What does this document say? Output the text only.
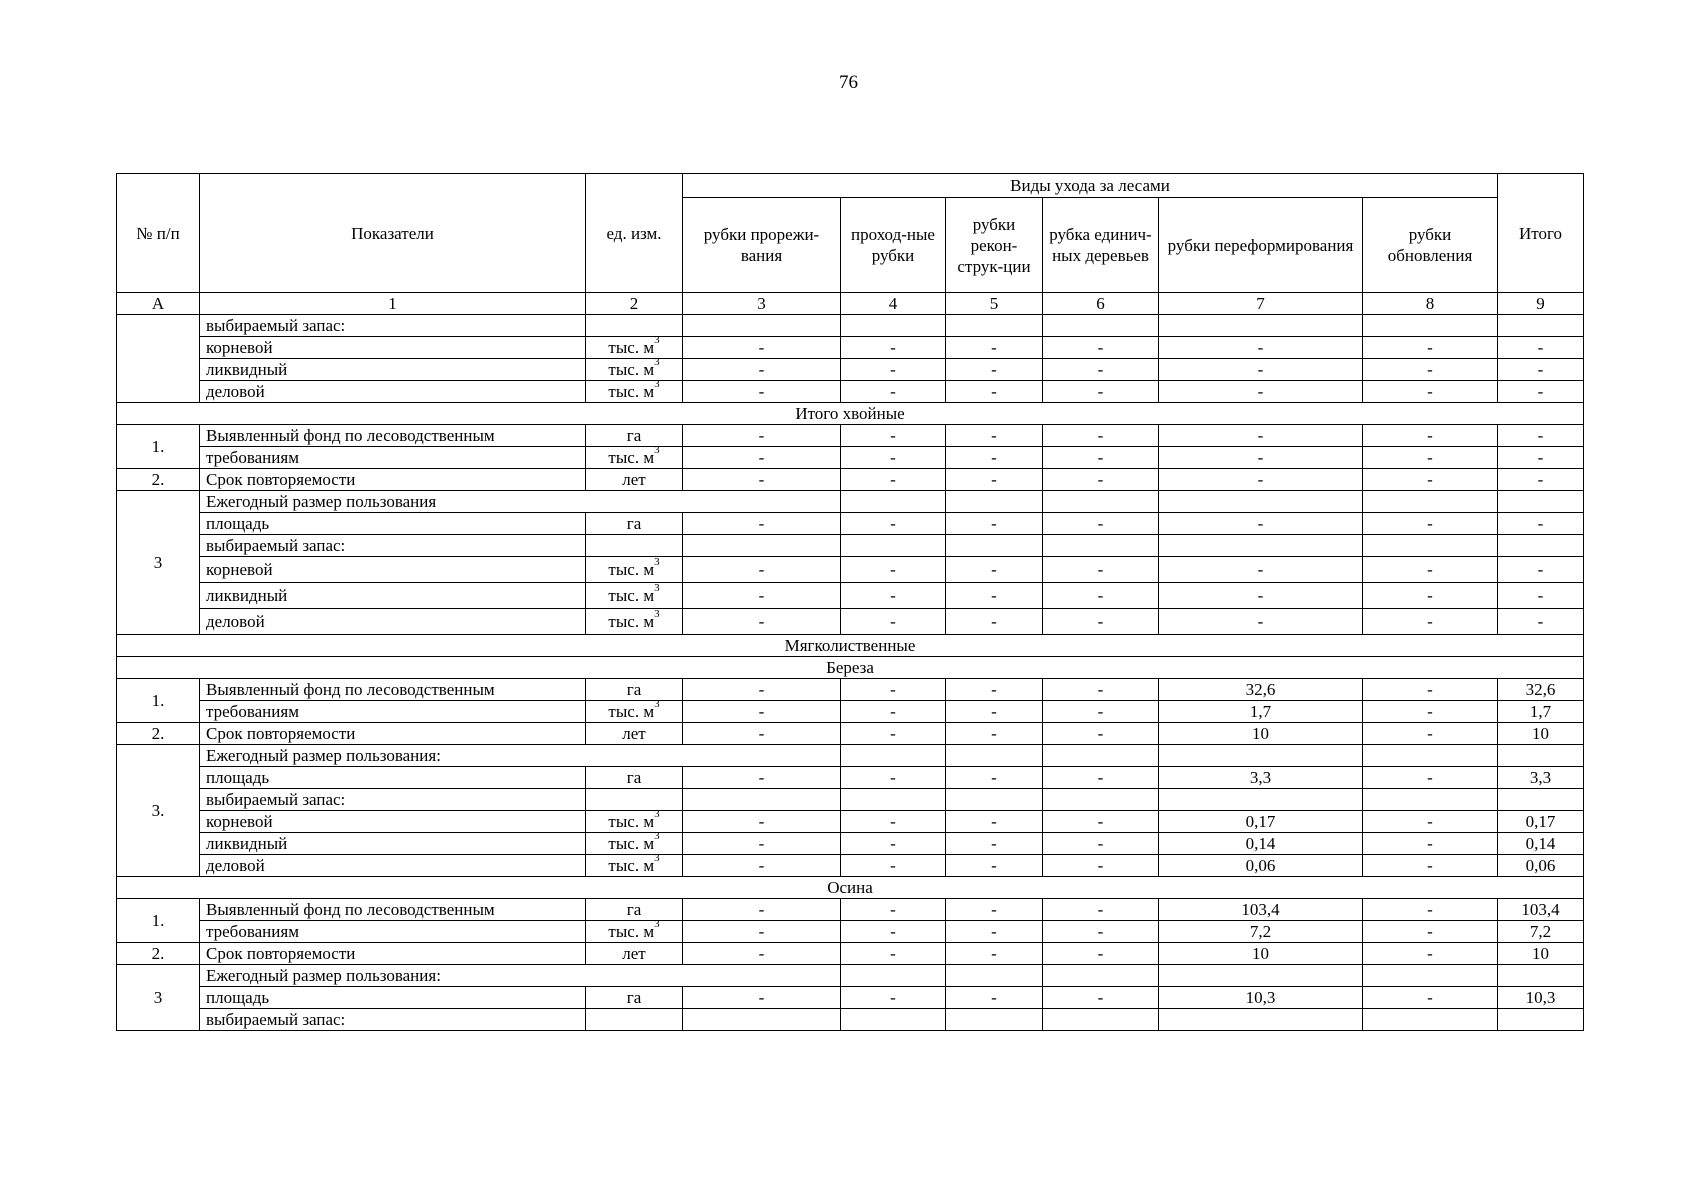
76
№ п/п	Показатели	ед. изм.	Виды ухода за лесами						Итого
			рубки прорежи-вания	проход-ные рубки	рубки рекон-струк-ции	рубка единич-ных деревьев	рубки переформирования	рубки обновления	
А	1	2	3	4	5	6	7	8	9
	выбираемый запас:								
	корневой	тыс. $м^3$	-	-	-	-	-	-	-
	ликвидный	тыс. $м^3$	-	-	-	-	-	-	-
	деловой	тыс. $м^3$	-	-	-	-	-	-	-
Итого хвойные									
1.	Выявленный фонд по лесоводственным	га	-	-	-	-	-	-	-
	требованиям	тыс. $м^3$	-	-	-	-	-	-	-
2.	Срок повторяемости	лет	-	-	-	-	-	-	-
3	Ежегодный размер пользования								
	площадь	га	-	-	-	-	-	-	-
	выбираемый запас:								
	корневой	тыс. $м^3$	-	-	-	-	-	-	-
	ликвидный	тыс. $м^3$	-	-	-	-	-	-	-
	деловой	тыс. $м^3$	-	-	-	-	-	-	-
Мягколиственные									
Береза									
1.	Выявленный фонд по лесоводственным	га	-	-	-	-	32,6	-	32,6
	требованиям	тыс. $м^3$	-	-	-	-	1,7	-	1,7
2.	Срок повторяемости	лет	-	-	-	-	10	-	10
3.	Ежегодный размер пользования:								
	площадь	га	-	-	-	-	3,3	-	3,3
	выбираемый запас:								
	корневой	тыс. $м^3$	-	-	-	-	0,17	-	0,17
	ликвидный	тыс. $м^3$	-	-	-	-	0,14	-	0,14
	деловой	тыс. $м^3$	-	-	-	-	0,06	-	0,06
Осина									
1.	Выявленный фонд по лесоводственным	га	-	-	-	-	103,4	-	103,4
	требованиям	тыс. $м^3$	-	-	-	-	7,2	-	7,2
2.	Срок повторяемости	лет	-	-	-	-	10	-	10
3	Ежегодный размер пользования:								
	площадь	га	-	-	-	-	10,3	-	10,3
	выбираемый запас:								
